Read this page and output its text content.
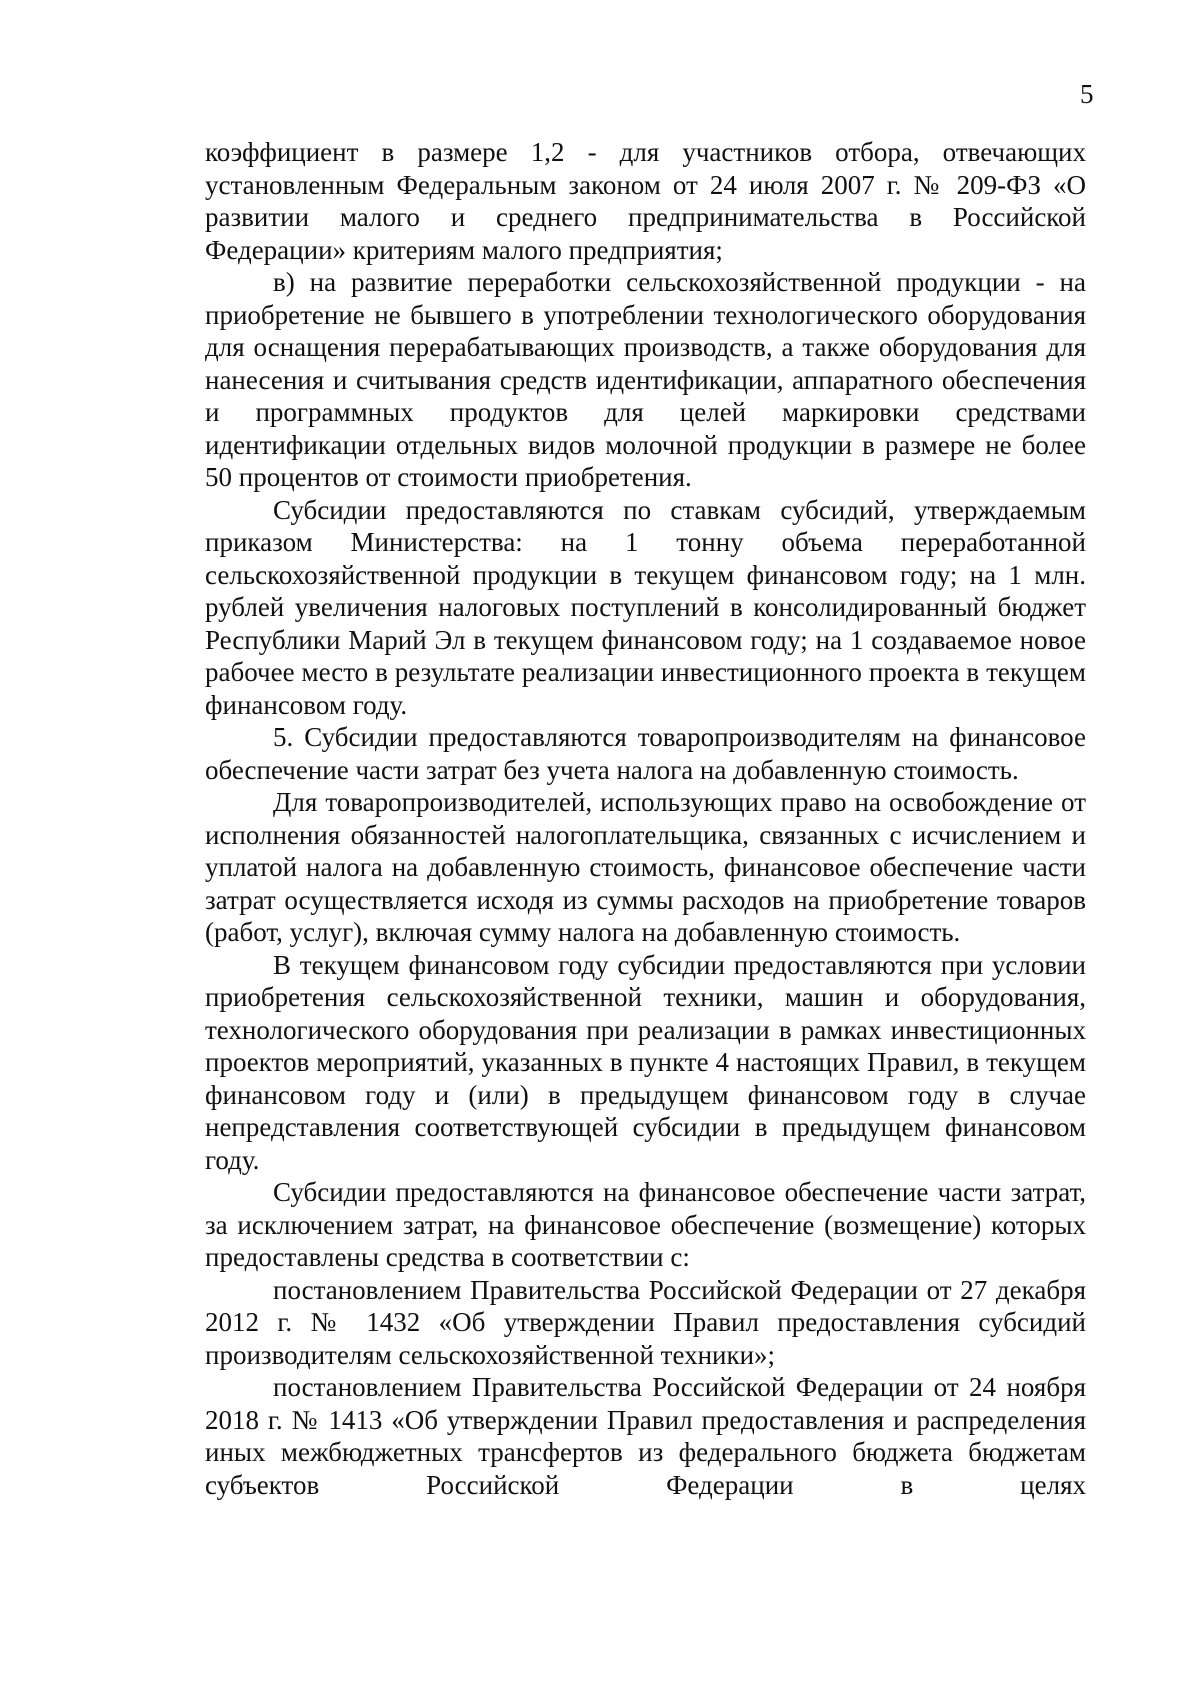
5

коэффициент в размере 1,2 - для участников отбора, отвечающих установленным Федеральным законом от 24 июля 2007 г. № 209-ФЗ «О развитии малого и среднего предпринимательства в Российской Федерации» критериям малого предприятия;

в) на развитие переработки сельскохозяйственной продукции - на приобретение не бывшего в употреблении технологического оборудования для оснащения перерабатывающих производств, а также оборудования для нанесения и считывания средств идентификации, аппаратного обеспечения и программных продуктов для целей маркировки средствами идентификации отдельных видов молочной продукции в размере не более 50 процентов от стоимости приобретения.

Субсидии предоставляются по ставкам субсидий, утверждаемым приказом Министерства: на 1 тонну объема переработанной сельскохозяйственной продукции в текущем финансовом году; на 1 млн. рублей увеличения налоговых поступлений в консолидированный бюджет Республики Марий Эл в текущем финансовом году; на 1 создаваемое новое рабочее место в результате реализации инвестиционного проекта в текущем финансовом году.

5. Субсидии предоставляются товаропроизводителям на финансовое обеспечение части затрат без учета налога на добавленную стоимость.

Для товаропроизводителей, использующих право на освобождение от исполнения обязанностей налогоплательщика, связанных с исчислением и уплатой налога на добавленную стоимость, финансовое обеспечение части затрат осуществляется исходя из суммы расходов на приобретение товаров (работ, услуг), включая сумму налога на добавленную стоимость.

В текущем финансовом году субсидии предоставляются при условии приобретения сельскохозяйственной техники, машин и оборудования, технологического оборудования при реализации в рамках инвестиционных проектов мероприятий, указанных в пункте 4 настоящих Правил, в текущем финансовом году и (или) в предыдущем финансовом году в случае непредставления соответствующей субсидии в предыдущем финансовом году.

Субсидии предоставляются на финансовое обеспечение части затрат, за исключением затрат, на финансовое обеспечение (возмещение) которых предоставлены средства в соответствии с:

постановлением Правительства Российской Федерации от 27 декабря 2012 г. № 1432 «Об утверждении Правил предоставления субсидий производителям сельскохозяйственной техники»;

постановлением Правительства Российской Федерации от 24 ноября 2018 г. № 1413 «Об утверждении Правил предоставления и распределения иных межбюджетных трансфертов из федерального бюджета бюджетам субъектов Российской Федерации в целях
